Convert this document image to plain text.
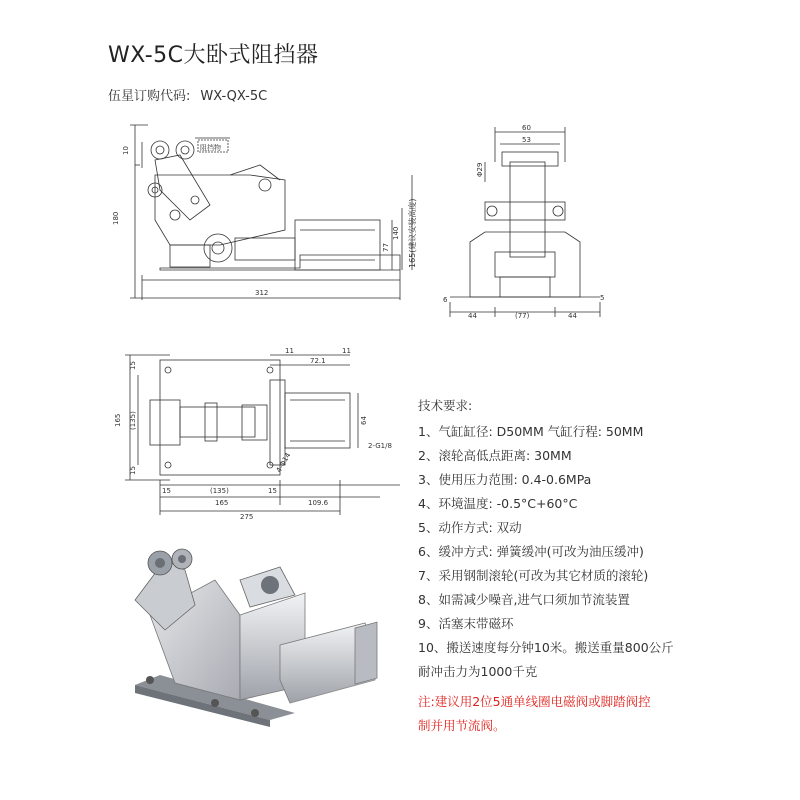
WX-5C大卧式阻挡器
伍星订购代码: WX-QX-5C
10
180
77
140 165(建议安装高度)
312
阻挡物
60
53
Φ29
6	5
44	(77)	44
11	11
72.1
165 (135)
15
15
64
2-G1/8
4-Φ14
15	(135)	15
165	109.6
275
技术要求:
1、气缸缸径: D50MM 气缸行程: 50MM
2、滚轮高低点距离: 30MM
3、使用压力范围: 0.4-0.6MPa
4、环境温度: -0.5°C+60°C
5、动作方式: 双动
6、缓冲方式: 弹簧缓冲(可改为油压缓冲)
7、采用钢制滚轮(可改为其它材质的滚轮)
8、如需减少噪音,进气口须加节流装置
9、活塞末带磁环
10、搬送速度每分钟10米。搬送重量800公斤
耐冲击力为1000千克
注:建议用2位5通单线圈电磁阀或脚踏阀控
制并用节流阀。
